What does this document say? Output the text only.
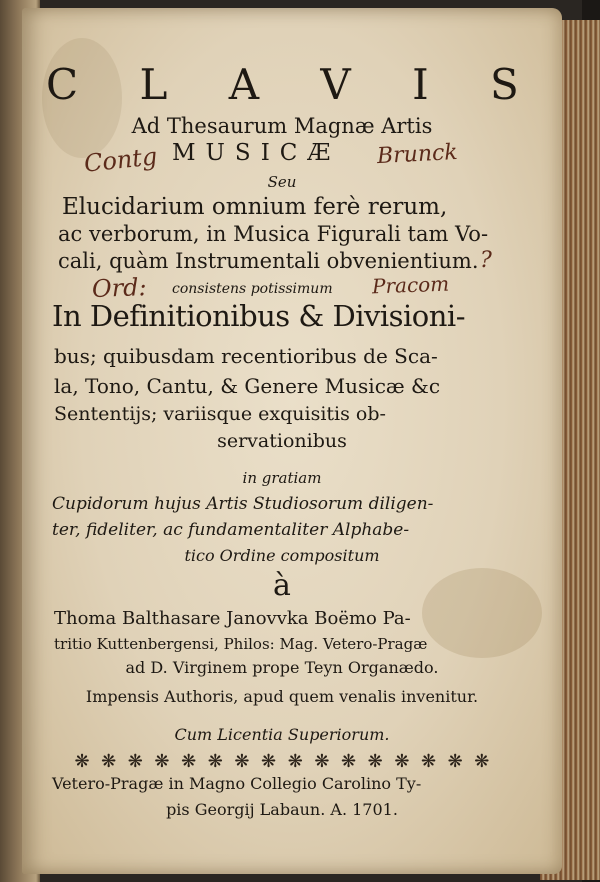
⠀
C L A V I S
Ad Thesaurum Magnæ Artis
MUSICÆ
Seu
Elucidarium omnium ferè rerum,
ac verborum, in Musica Figurali tam Vo-
cali, quàm Instrumentali obvenientium.
consistens potissimum
In Definitionibus & Divisioni-
bus; quibusdam recentioribus de Sca-
la, Tono, Cantu, & Genere Musicæ &c
Sententijs; variisque exquisitis ob-
servationibus
in gratiam
Cupidorum hujus Artis Studiosorum diligen-
ter, fideliter, ac fundamentaliter Alphabe-
tico Ordine compositum
à
Thoma Balthasare Janovvka Boëmo Pa-
tritio Kuttenbergensi, Philos: Mag. Vetero-Pragæ
ad D. Virginem prope Teyn Organædo.
Impensis Authoris, apud quem venalis invenitur.
Cum Licentia Superiorum.
❋ ❋ ❋ ❋ ❋ ❋ ❋ ❋ ❋ ❋ ❋ ❋ ❋ ❋ ❋ ❋
Vetero-Pragæ in Magno Collegio Carolino Ty-
pis Georgij Labaun. A. 1701.
Contg	Brunck
Ord:	Pracom
?
